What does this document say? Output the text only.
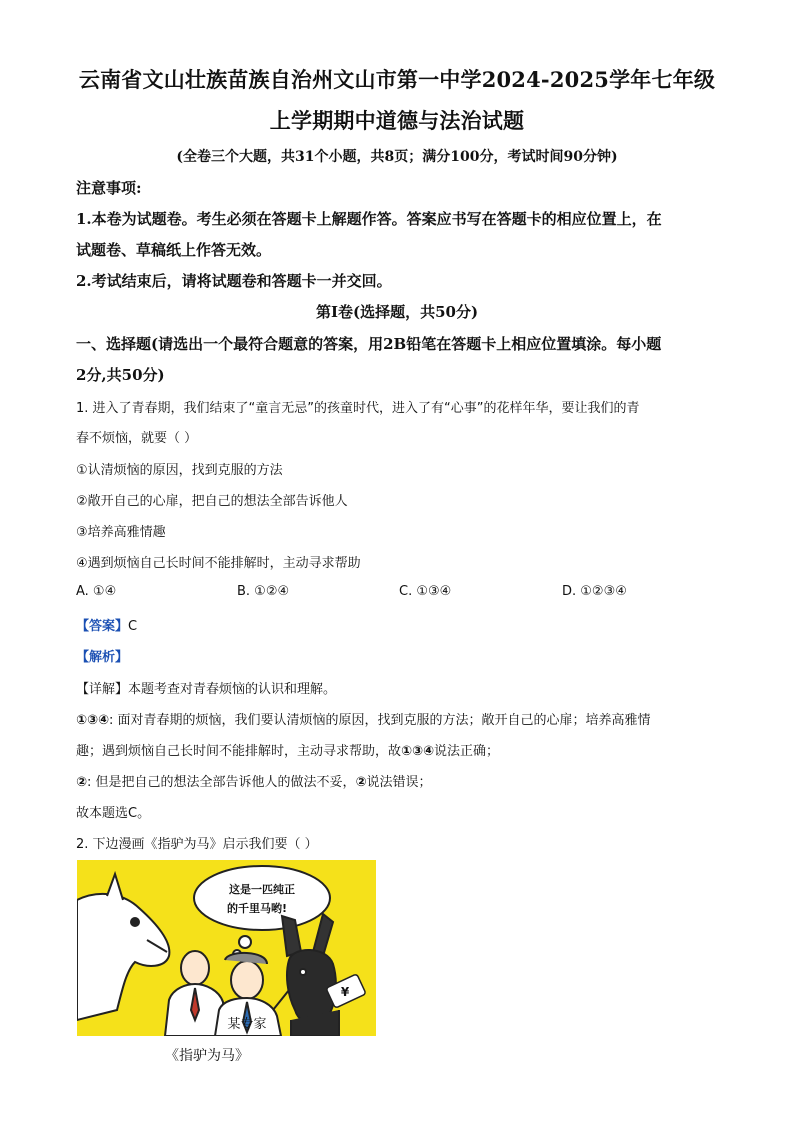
云南省文山壮族苗族自治州文山市第一中学2024-2025学年七年级
上学期期中道德与法治试题
(全卷三个大题，共31个小题，共8页；满分100分，考试时间90分钟)
注意事项:
1.本卷为试题卷。考生必须在答题卡上解题作答。答案应书写在答题卡的相应位置上，在
试题卷、草稿纸上作答无效。
2.考试结束后，请将试题卷和答题卡一并交回。
第Ⅰ卷(选择题，共50分)
一、选择题(请选出一个最符合题意的答案，用2B铅笔在答题卡上相应位置填涂。每小题
2分,共50分)
1. 进入了青春期，我们结束了“童言无忌”的孩童时代，进入了有“心事”的花样年华，要让我们的青
春不烦恼，就要（ ）
①认清烦恼的原因，找到克服的方法
②敞开自己的心扉，把自己的想法全部告诉他人
③培养高雅情趣
④遇到烦恼自己长时间不能排解时，主动寻求帮助
A. ①④	B. ①②④	C. ①③④	D. ①②③④
【答案】C
【解析】
【详解】本题考查对青春烦恼的认识和理解。
①③④: 面对青春期的烦恼，我们要认清烦恼的原因，找到克服的方法；敞开自己的心扉；培养高雅情
趣；遇到烦恼自己长时间不能排解时，主动寻求帮助，故①③④说法正确；
②: 但是把自己的想法全部告诉他人的做法不妥，②说法错误；
故本题选C。
2. 下边漫画《指驴为马》启示我们要（ ）
这是一匹纯正
的千里马哟!
某专家
¥
《指驴为马》
